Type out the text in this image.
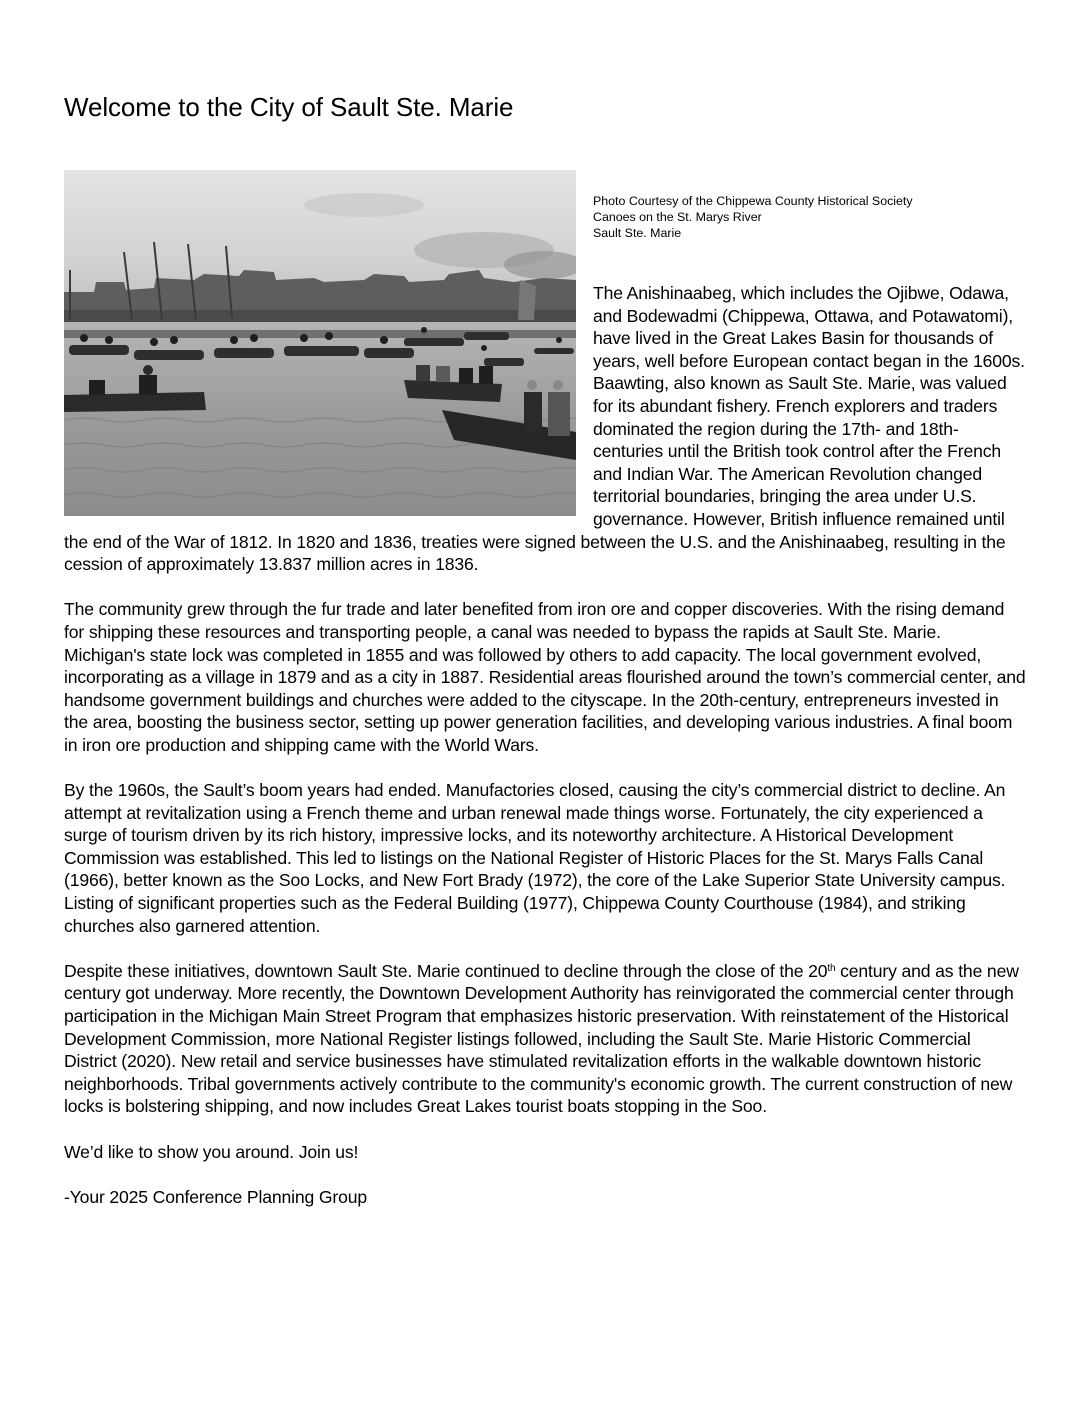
Welcome to the City of Sault Ste. Marie
Photo Courtesy of the Chippewa County Historical Society
Canoes on the St. Marys River
Sault Ste. Marie

The Anishinaabeg, which includes the Ojibwe, Odawa, and Bodewadmi (Chippewa, Ottawa, and Potawatomi), have lived in the Great Lakes Basin for thousands of years, well before European contact began in the 1600s. Baawting, also known as Sault Ste. Marie, was valued for its abundant fishery. French explorers and traders dominated the region during the 17th- and 18th-centuries until the British took control after the French and Indian War. The American Revolution changed territorial boundaries, bringing the area under U.S. governance. However, British influence remained until the end of the War of 1812. In 1820 and 1836, treaties were signed between the U.S. and the Anishinaabeg, resulting in the cession of approximately 13.837 million acres in 1836.

The community grew through the fur trade and later benefited from iron ore and copper discoveries. With the rising demand for shipping these resources and transporting people, a canal was needed to bypass the rapids at Sault Ste. Marie. Michigan's state lock was completed in 1855 and was followed by others to add capacity. The local government evolved, incorporating as a village in 1879 and as a city in 1887. Residential areas flourished around the town’s commercial center, and handsome government buildings and churches were added to the cityscape. In the 20th-century, entrepreneurs invested in the area, boosting the business sector, setting up power generation facilities, and developing various industries. A final boom in iron ore production and shipping came with the World Wars.

By the 1960s, the Sault’s boom years had ended. Manufactories closed, causing the city’s commercial district to decline. An attempt at revitalization using a French theme and urban renewal made things worse. Fortunately, the city experienced a surge of tourism driven by its rich history, impressive locks, and its noteworthy architecture. A Historical Development Commission was established. This led to listings on the National Register of Historic Places for the St. Marys Falls Canal (1966), better known as the Soo Locks, and New Fort Brady (1972), the core of the Lake Superior State University campus. Listing of significant properties such as the Federal Building (1977), Chippewa County Courthouse (1984), and striking churches also garnered attention.

Despite these initiatives, downtown Sault Ste. Marie continued to decline through the close of the 20th century and as the new century got underway. More recently, the Downtown Development Authority has reinvigorated the commercial center through participation in the Michigan Main Street Program that emphasizes historic preservation. With reinstatement of the Historical Development Commission, more National Register listings followed, including the Sault Ste. Marie Historic Commercial District (2020). New retail and service businesses have stimulated revitalization efforts in the walkable downtown historic neighborhoods. Tribal governments actively contribute to the community's economic growth. The current construction of new locks is bolstering shipping, and now includes Great Lakes tourist boats stopping in the Soo.

We’d like to show you around. Join us!

-Your 2025 Conference Planning Group
